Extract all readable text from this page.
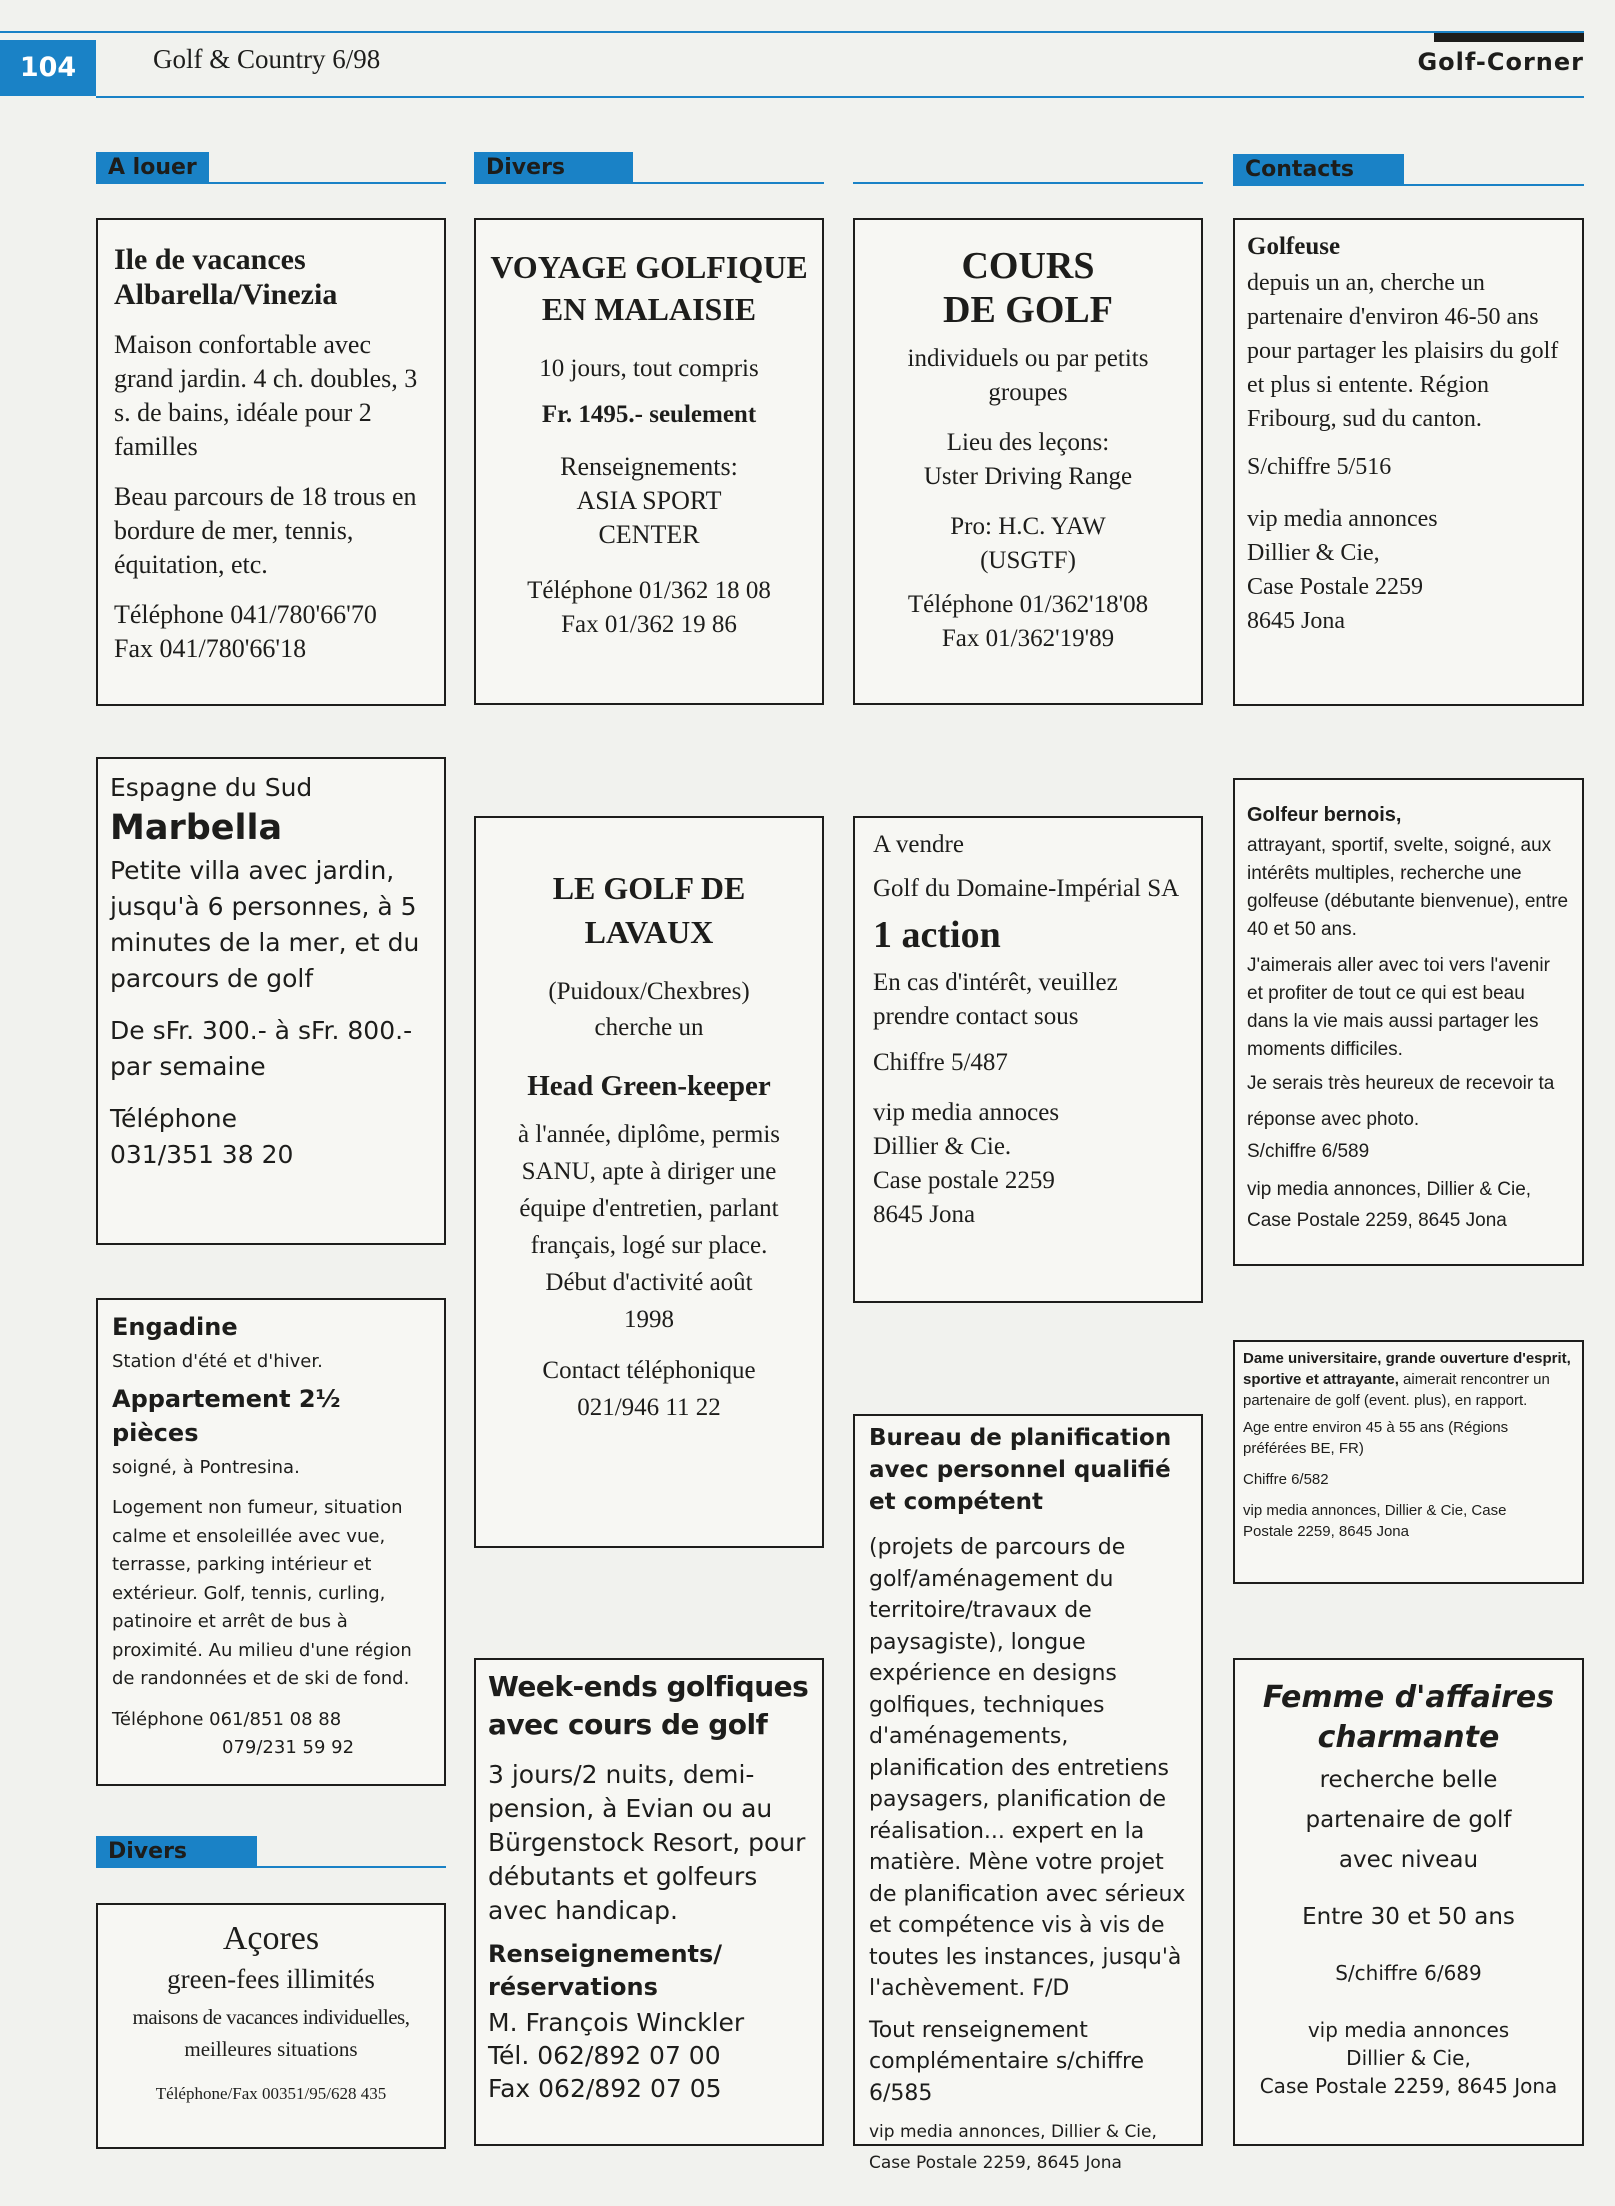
104	Golf & Country 6/98	Golf-Corner
A louer	Divers	Contacts
Divers

Ile de vacances Albarella/Vinezia

Maison confortable avec grand jardin. 4 ch. doubles, 3 s. de bains, idéale pour 2 familles

Beau parcours de 18 trous en bordure de mer, tennis, équitation, etc.

Téléphone 041/780'66'70

Fax 041/780'66'18

Espagne du Sud

Marbella

Petite villa avec jardin, jusqu'à 6 personnes, à 5 minutes de la mer, et du parcours de golf

De sFr. 300.- à sFr. 800.- par semaine

Téléphone

031/351 38 20

Engadine

Station d'été et d'hiver.

Appartement 2½ pièces

soigné, à Pontresina.

Logement non fumeur, situation calme et ensoleillée avec vue, terrasse, parking intérieur et extérieur. Golf, tennis, curling, patinoire et arrêt de bus à proximité. Au milieu d'une région de randonnées et de ski de fond.

Téléphone 061/851 08 88

079/231 59 92

Açores

green-fees illimités

maisons de vacances individuelles,

meilleures situations

Téléphone/Fax 00351/95/628 435

VOYAGE GOLFIQUE EN MALAISIE

10 jours, tout compris

Fr. 1495.- seulement

Renseignements:

ASIA SPORT CENTER

Téléphone 01/362 18 08

Fax 01/362 19 86

LE GOLF DE LAVAUX

(Puidoux/Chexbres)

cherche un

Head Green-keeper

à l'année, diplôme, permis SANU, apte à diriger une équipe d'entretien, parlant français, logé sur place.

Début d'activité août 1998

Contact téléphonique

021/946 11 22

Week-ends golfiques avec cours de golf

3 jours/2 nuits, demi-pension, à Evian ou au Bürgenstock Resort, pour débutants et golfeurs avec handicap.

Renseignements/ réservations

M. François Winckler

Tél. 062/892 07 00

Fax 062/892 07 05

COURS DE GOLF

individuels ou par petits groupes

Lieu des leçons:

Uster Driving Range

Pro: H.C. YAW (USGTF)

Téléphone 01/362'18'08

Fax 01/362'19'89

A vendre

Golf du Domaine-Impérial SA

1 action

En cas d'intérêt, veuillez prendre contact sous

Chiffre 5/487

vip media annoces

Dillier & Cie.

Case postale 2259

8645 Jona

Bureau de planification avec personnel qualifié et compétent

(projets de parcours de golf/aménagement du territoire/travaux de paysagiste), longue expérience en designs golfiques, techniques d'aménagements, planification des entretiens paysagers, planification de réalisation... expert en la matière. Mène votre projet de planification avec sérieux et compétence vis à vis de toutes les instances, jusqu'à l'achèvement. F/D

Tout renseignement complémentaire s/chiffre 6/585

vip media annonces, Dillier & Cie, Case Postale 2259, 8645 Jona

Golfeuse

depuis un an, cherche un partenaire d'environ 46-50 ans pour partager les plaisirs du golf et plus si entente. Région Fribourg, sud du canton.

S/chiffre 5/516

vip media annonces

Dillier & Cie,

Case Postale 2259

8645 Jona

Golfeur bernois,

attrayant, sportif, svelte, soigné, aux intérêts multiples, recherche une golfeuse (débutante bienvenue), entre 40 et 50 ans.

J'aimerais aller avec toi vers l'avenir et profiter de tout ce qui est beau dans la vie mais aussi partager les moments difficiles.

Je serais très heureux de recevoir ta réponse avec photo.

S/chiffre 6/589

vip media annonces, Dillier & Cie, Case Postale 2259, 8645 Jona

Dame universitaire, grande ouverture d'esprit, sportive et attrayante, aimerait rencontrer un partenaire de golf (event. plus), en rapport.

Age entre environ 45 à 55 ans (Régions préférées BE, FR)

Chiffre 6/582

vip media annonces, Dillier & Cie, Case Postale 2259, 8645 Jona

Femme d'affaires charmante

recherche belle partenaire de golf avec niveau

Entre 30 et 50 ans

S/chiffre 6/689

vip media annonces

Dillier & Cie,

Case Postale 2259, 8645 Jona
